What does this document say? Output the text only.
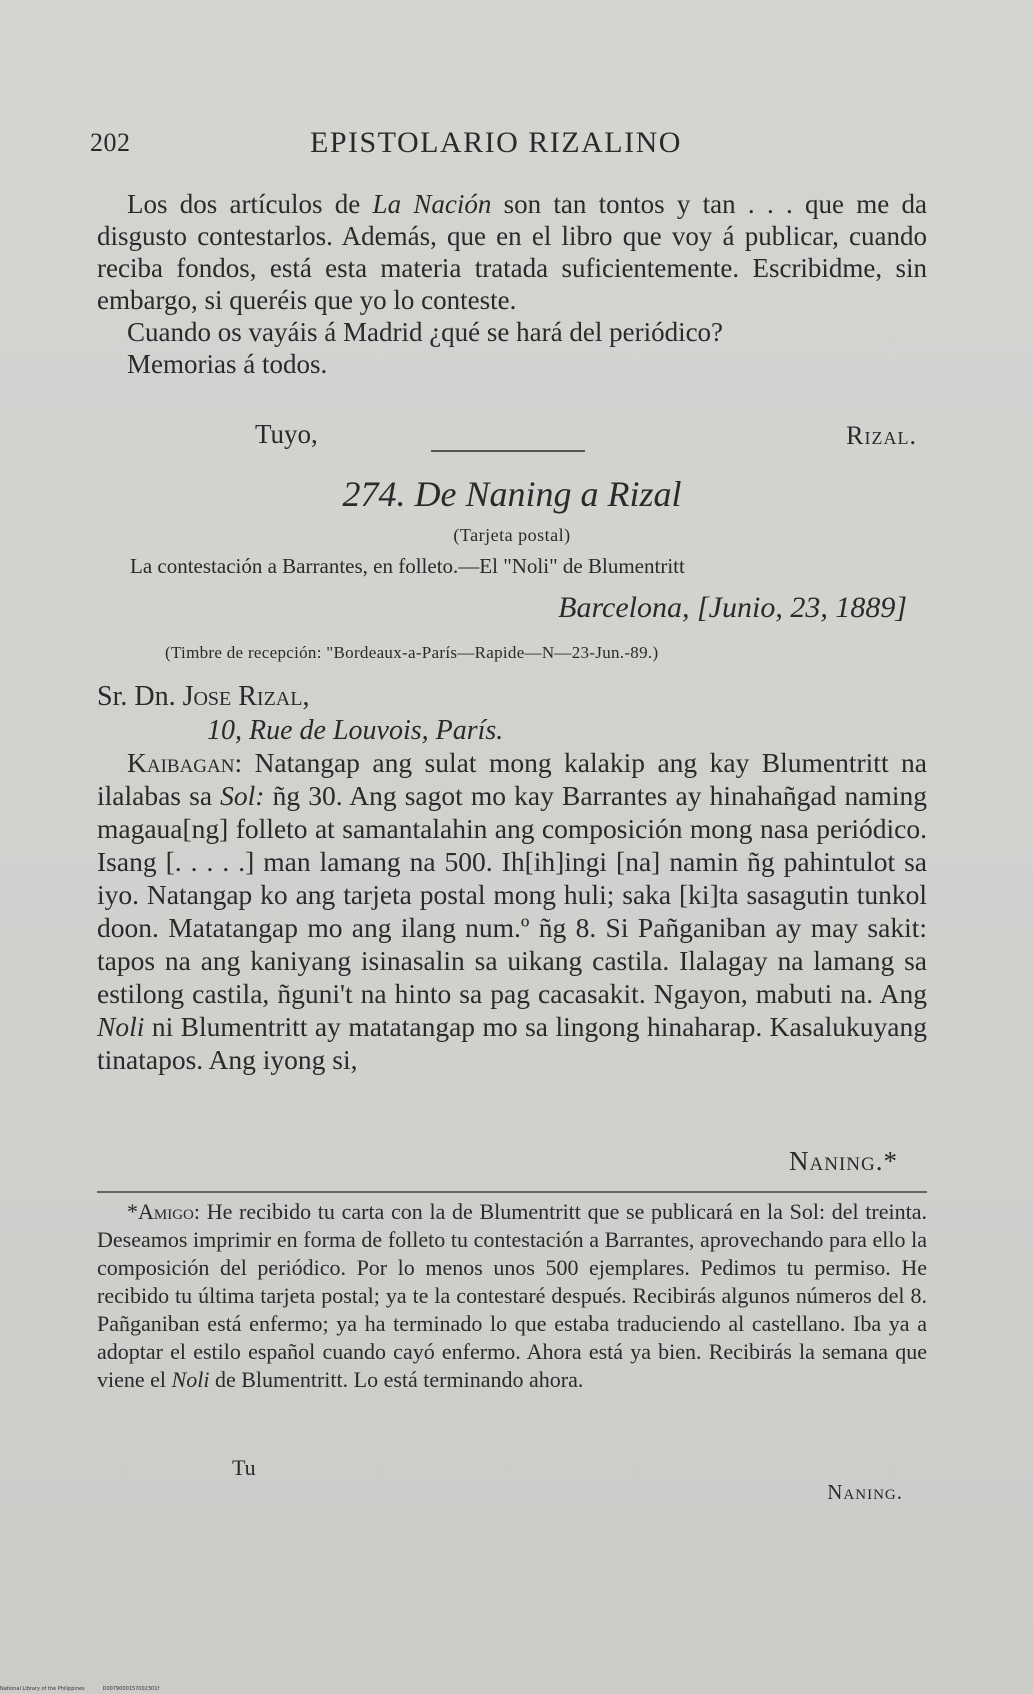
202	EPISTOLARIO RIZALINO

Los dos artículos de La Nación son tan tontos y tan . . . que me da disgusto contestarlos. Además, que en el libro que voy á publicar, cuando reciba fondos, está esta materia tratada suficientemente. Escribidme, sin embargo, si queréis que yo lo conteste.

Cuando os vayáis á Madrid ¿qué se hará del periódico?

Memorias á todos.

Tuyo,	Rizal.
274. De Naning a Rizal
(Tarjeta postal)
La contestación a Barrantes, en folleto.—El "Noli" de Blumentritt
Barcelona, [Junio, 23, 1889]
(Timbre de recepción: "Bordeaux-a-París—Rapide—N—23-Jun.-89.)
Sr. Dn. Jose Rizal,
10, Rue de Louvois, París.
Kaibagan: Natangap ang sulat mong kalakip ang kay Blumentritt na ilalabas sa Sol: ñg 30. Ang sagot mo kay Barrantes ay hinahañgad naming magaua[ng] folleto at samantalahin ang composición mong nasa periódico. Isang [. . . . .] man lamang na 500. Ih[ih]ingi [na] namin ñg pahintulot sa iyo. Natangap ko ang tarjeta postal mong huli; saka [ki]ta sasagutin tunkol doon. Matatangap mo ang ilang num.º ñg 8. Si Pañganiban ay may sakit: tapos na ang kaniyang isinasalin sa uikang castila. Ilalagay na lamang sa estilong castila, ñguni't na hinto sa pag cacasakit. Ngayon, mabuti na. Ang Noli ni Blumentritt ay matatangap mo sa lingong hinaharap. Kasalukuyang tinatapos. Ang iyong si,
Naning.*
*Amigo: He recibido tu carta con la de Blumentritt que se publicará en la Sol: del treinta. Deseamos imprimir en forma de folleto tu contestación a Barrantes, aprovechando para ello la composición del periódico. Por lo menos unos 500 ejemplares. Pedimos tu permiso. He recibido tu última tarjeta postal; ya te la contestaré después. Recibirás algunos números del 8. Pañganiban está enfermo; ya ha terminado lo que estaba traduciendo al castellano. Iba ya a adoptar el estilo español cuando cayó enfermo. Ahora está ya bien. Recibirás la semana que viene el Noli de Blumentritt. Lo está terminando ahora.
Tu
Naning.
National Library of the Philippines	D0079000157002301f
